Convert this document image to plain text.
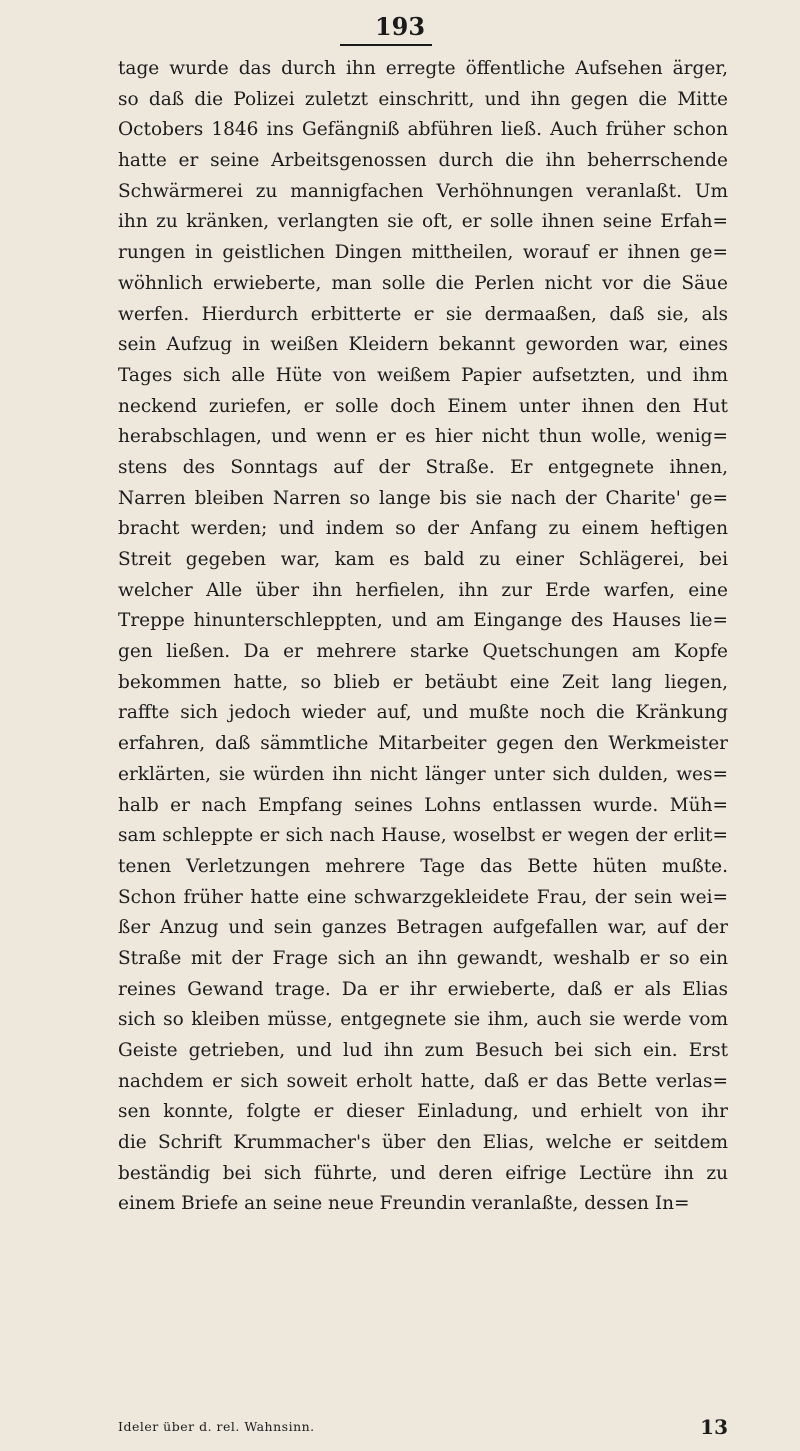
193
tage wurde das durch ihn erregte öffentliche Aufsehen ärger,
so daß die Polizei zuletzt einschritt, und ihn gegen die Mitte
Octobers 1846 ins Gefängniß abführen ließ. Auch früher schon
hatte er seine Arbeitsgenossen durch die ihn beherrschende
Schwärmerei zu mannigfachen Verhöhnungen veranlaßt. Um
ihn zu kränken, verlangten sie oft, er solle ihnen seine Erfah=
rungen in geistlichen Dingen mittheilen, worauf er ihnen ge=
wöhnlich erwieberte, man solle die Perlen nicht vor die Säue
werfen. Hierdurch erbitterte er sie dermaaßen, daß sie, als
sein Aufzug in weißen Kleidern bekannt geworden war, eines
Tages sich alle Hüte von weißem Papier aufsetzten, und ihm
neckend zuriefen, er solle doch Einem unter ihnen den Hut
herabschlagen, und wenn er es hier nicht thun wolle, wenig=
stens des Sonntags auf der Straße. Er entgegnete ihnen,
Narren bleiben Narren so lange bis sie nach der Charite' ge=
bracht werden; und indem so der Anfang zu einem heftigen
Streit gegeben war, kam es bald zu einer Schlägerei, bei
welcher Alle über ihn herfielen, ihn zur Erde warfen, eine
Treppe hinunterschleppten, und am Eingange des Hauses lie=
gen ließen. Da er mehrere starke Quetschungen am Kopfe
bekommen hatte, so blieb er betäubt eine Zeit lang liegen,
raffte sich jedoch wieder auf, und mußte noch die Kränkung
erfahren, daß sämmtliche Mitarbeiter gegen den Werkmeister
erklärten, sie würden ihn nicht länger unter sich dulden, wes=
halb er nach Empfang seines Lohns entlassen wurde. Müh=
sam schleppte er sich nach Hause, woselbst er wegen der erlit=
tenen Verletzungen mehrere Tage das Bette hüten mußte.
Schon früher hatte eine schwarzgekleidete Frau, der sein wei=
ßer Anzug und sein ganzes Betragen aufgefallen war, auf der
Straße mit der Frage sich an ihn gewandt, weshalb er so ein
reines Gewand trage. Da er ihr erwieberte, daß er als Elias
sich so kleiben müsse, entgegnete sie ihm, auch sie werde vom
Geiste getrieben, und lud ihn zum Besuch bei sich ein. Erst
nachdem er sich soweit erholt hatte, daß er das Bette verlas=
sen konnte, folgte er dieser Einladung, und erhielt von ihr
die Schrift Krummacher's über den Elias, welche er seitdem
beständig bei sich führte, und deren eifrige Lectüre ihn zu
einem Briefe an seine neue Freundin veranlaßte, dessen In=
Ideler über d. rel. Wahnsinn.	13
